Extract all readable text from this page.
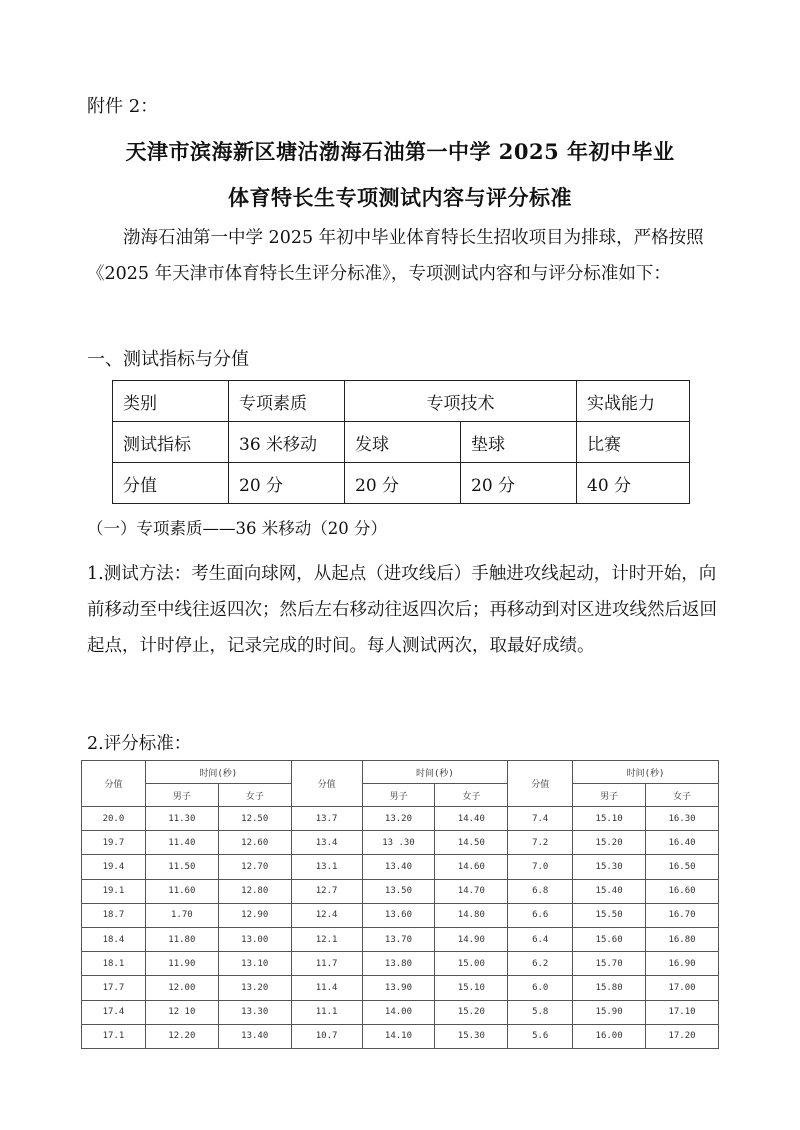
附件 2：
天津市滨海新区塘沽渤海石油第一中学 2025 年初中毕业
体育特长生专项测试内容与评分标准
渤海石油第一中学 2025 年初中毕业体育特长生招收项目为排球，严格按照《2025 年天津市体育特长生评分标准》，专项测试内容和与评分标准如下：
一、测试指标与分值
类别	专项素质	专项技术		实战能力
测试指标	36 米移动	发球	垫球	比赛
分值	20 分	20 分	20 分	40 分
（一）专项素质——36 米移动（20 分）
1.测试方法：考生面向球网，从起点（进攻线后）手触进攻线起动，计时开始，向前移动至中线往返四次；然后左右移动往返四次后；再移动到对区进攻线然后返回起点，计时停止，记录完成的时间。每人测试两次，取最好成绩。
2.评分标准：
分值	时间(秒)		分值	时间(秒)		分值	时间(秒)	
	男子	女子		男子	女子		男子	女子
20.0	11.30	12.50	13.7	13.20	14.40	7.4	15.10	16.30
19.7	11.40	12.60	13.4	13 .30	14.50	7.2	15.20	16.40
19.4	11.50	12.70	13.1	13.40	14.60	7.0	15.30	16.50
19.1	11.60	12.80	12.7	13.50	14.70	6.8	15.40	16.60
18.7	1.70	12.90	12.4	13.60	14.80	6.6	15.50	16.70
18.4	11.80	13.00	12.1	13.70	14.90	6.4	15.60	16.80
18.1	11.90	13.10	11.7	13.80	15.00	6.2	15.70	16.90
17.7	12.00	13.20	11.4	13.90	15.10	6.0	15.80	17.00
17.4	12 10	13.30	11.1	14.00	15.20	5.8	15.90	17.10
17.1	12.20	13.40	10.7	14.10	15.30	5.6	16.00	17.20
